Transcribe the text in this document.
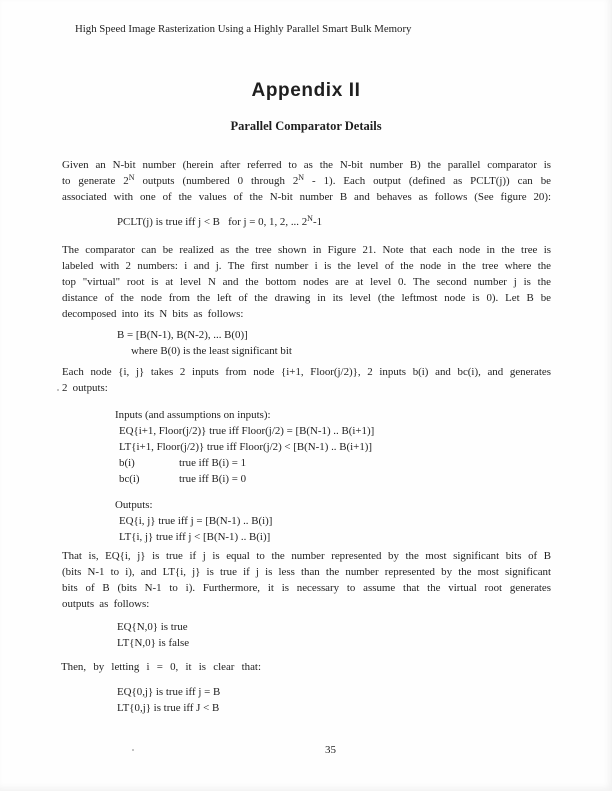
High Speed Image Rasterization Using a Highly Parallel Smart Bulk Memory
Appendix II
Parallel Comparator Details
Given an N-bit number (herein after referred to as the N-bit number B) the parallel comparator is
to generate $2^N$ outputs (numbered 0 through $2^N - 1$). Each output (defined as PCLT(j)) can be
associated with one of the values of the N-bit number B and behaves as follows (See figure 20):
PCLT(j) is true iff j < B   for j = 0, 1, 2, ... $2^N-1$
The comparator can be realized as the tree shown in Figure 21. Note that each node in the tree is
labeled with 2 numbers: i and j. The first number i is the level of the node in the tree where the
top "virtual" root is at level N and the bottom nodes are at level 0. The second number j is the
distance of the node from the left of the drawing in its level (the leftmost node is 0). Let B be
decomposed into its N bits as follows:
B = [B(N-1), B(N-2), ... B(0)]
where B(0) is the least significant bit
Each node {i, j} takes 2 inputs from node {i+1, Floor(j/2)}, 2 inputs b(i) and bc(i), and generates
2 outputs:
Inputs (and assumptions on inputs):
EQ{i+1, Floor(j/2)} true iff Floor(j/2) = [B(N-1) .. B(i+1)]
LT{i+1, Floor(j/2)} true iff Floor(j/2) < [B(N-1) .. B(i+1)]
b(i)	true iff B(i) = 1
bc(i)	true iff B(i) = 0
Outputs:
EQ{i, j} true iff j = [B(N-1) .. B(i)]
LT{i, j} true iff j < [B(N-1) .. B(i)]
That is, EQ{i, j} is true if j is equal to the number represented by the most significant bits of B
(bits N-1 to i), and LT{i, j} is true if j is less than the number represented by the most significant
bits of B (bits N-1 to i). Furthermore, it is necessary to assume that the virtual root generates
outputs as follows:
EQ{N,0} is true
LT{N,0} is false
Then, by letting i = 0, it is clear that:
EQ{0,j} is true iff j = B
LT{0,j} is true iff J < B
35
